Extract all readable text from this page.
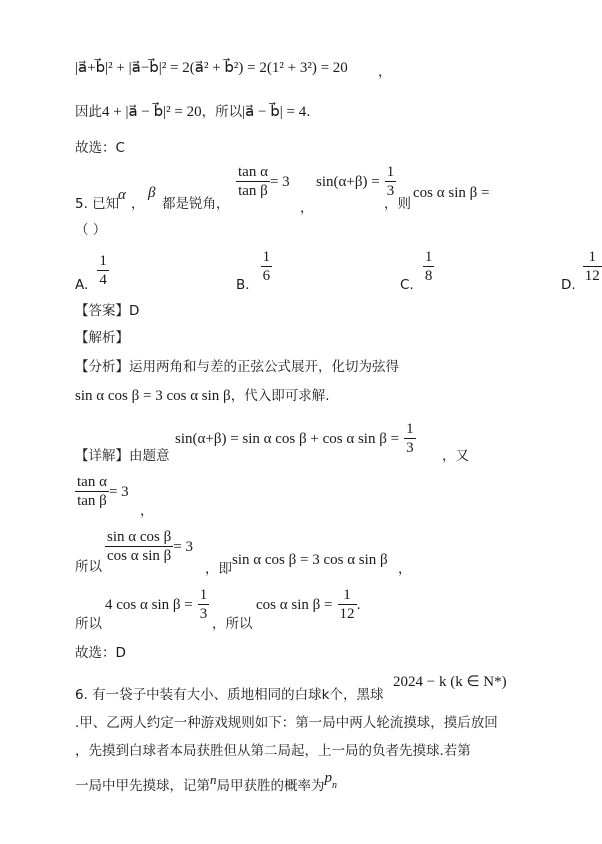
|a⃗+b⃗|² + |a⃗−b⃗|² = 2(a⃗² + b⃗²) = 2(1² + 3²) = 20 ，
因此4 + |a⃗ − b⃗|² = 20，所以|a⃗ − b⃗| = 4.
故选：C
5. 已知
α
，
β
都是锐角，
$\frac{\text{tan α}}{\text{tan β}} = 3$
，
$\sin(\alpha+\beta) = \frac{1}{3}$
，则
cos α sin β =
（ ）
$_{A.} \frac{1}{4}$	$_{B.} \frac{1}{6}$	$_{C.} \frac{1}{8}$	$_{D.} \frac{1}{12}$
【答案】D
【解析】
【分析】运用两角和与差的正弦公式展开，化切为弦得
sin α cos β = 3 cos α sin β，代入即可求解.
【详解】由题意
sin(α+β) = sin α cos β + cos α $\sin \beta = \frac{1}{3}$ ，又
$\frac{\text{tan α}}{\text{tan β}} = 3$
，
所以
$\frac{\text{sin α cos β}}{\text{cos α sin β}} = 3$
，即
sin α cos β = 3 cos α sin β
，
所以
4 cos α $\sin \beta = \frac{1}{3}$
，所以
cos α $\sin \beta = \frac{1}{12}$ .
故选：D
6. 有一袋子中装有大小、质地相同的白球k个，黑球
2024 − k (k ∈ N*)
.甲、乙两人约定一种游戏规则如下：第一局中两人轮流摸球，摸后放回
，先摸到白球者本局获胜但从第二局起，上一局的负者先摸球.若第
一局中甲先摸球，记第$^n$局甲获胜的概率为$p_n$
